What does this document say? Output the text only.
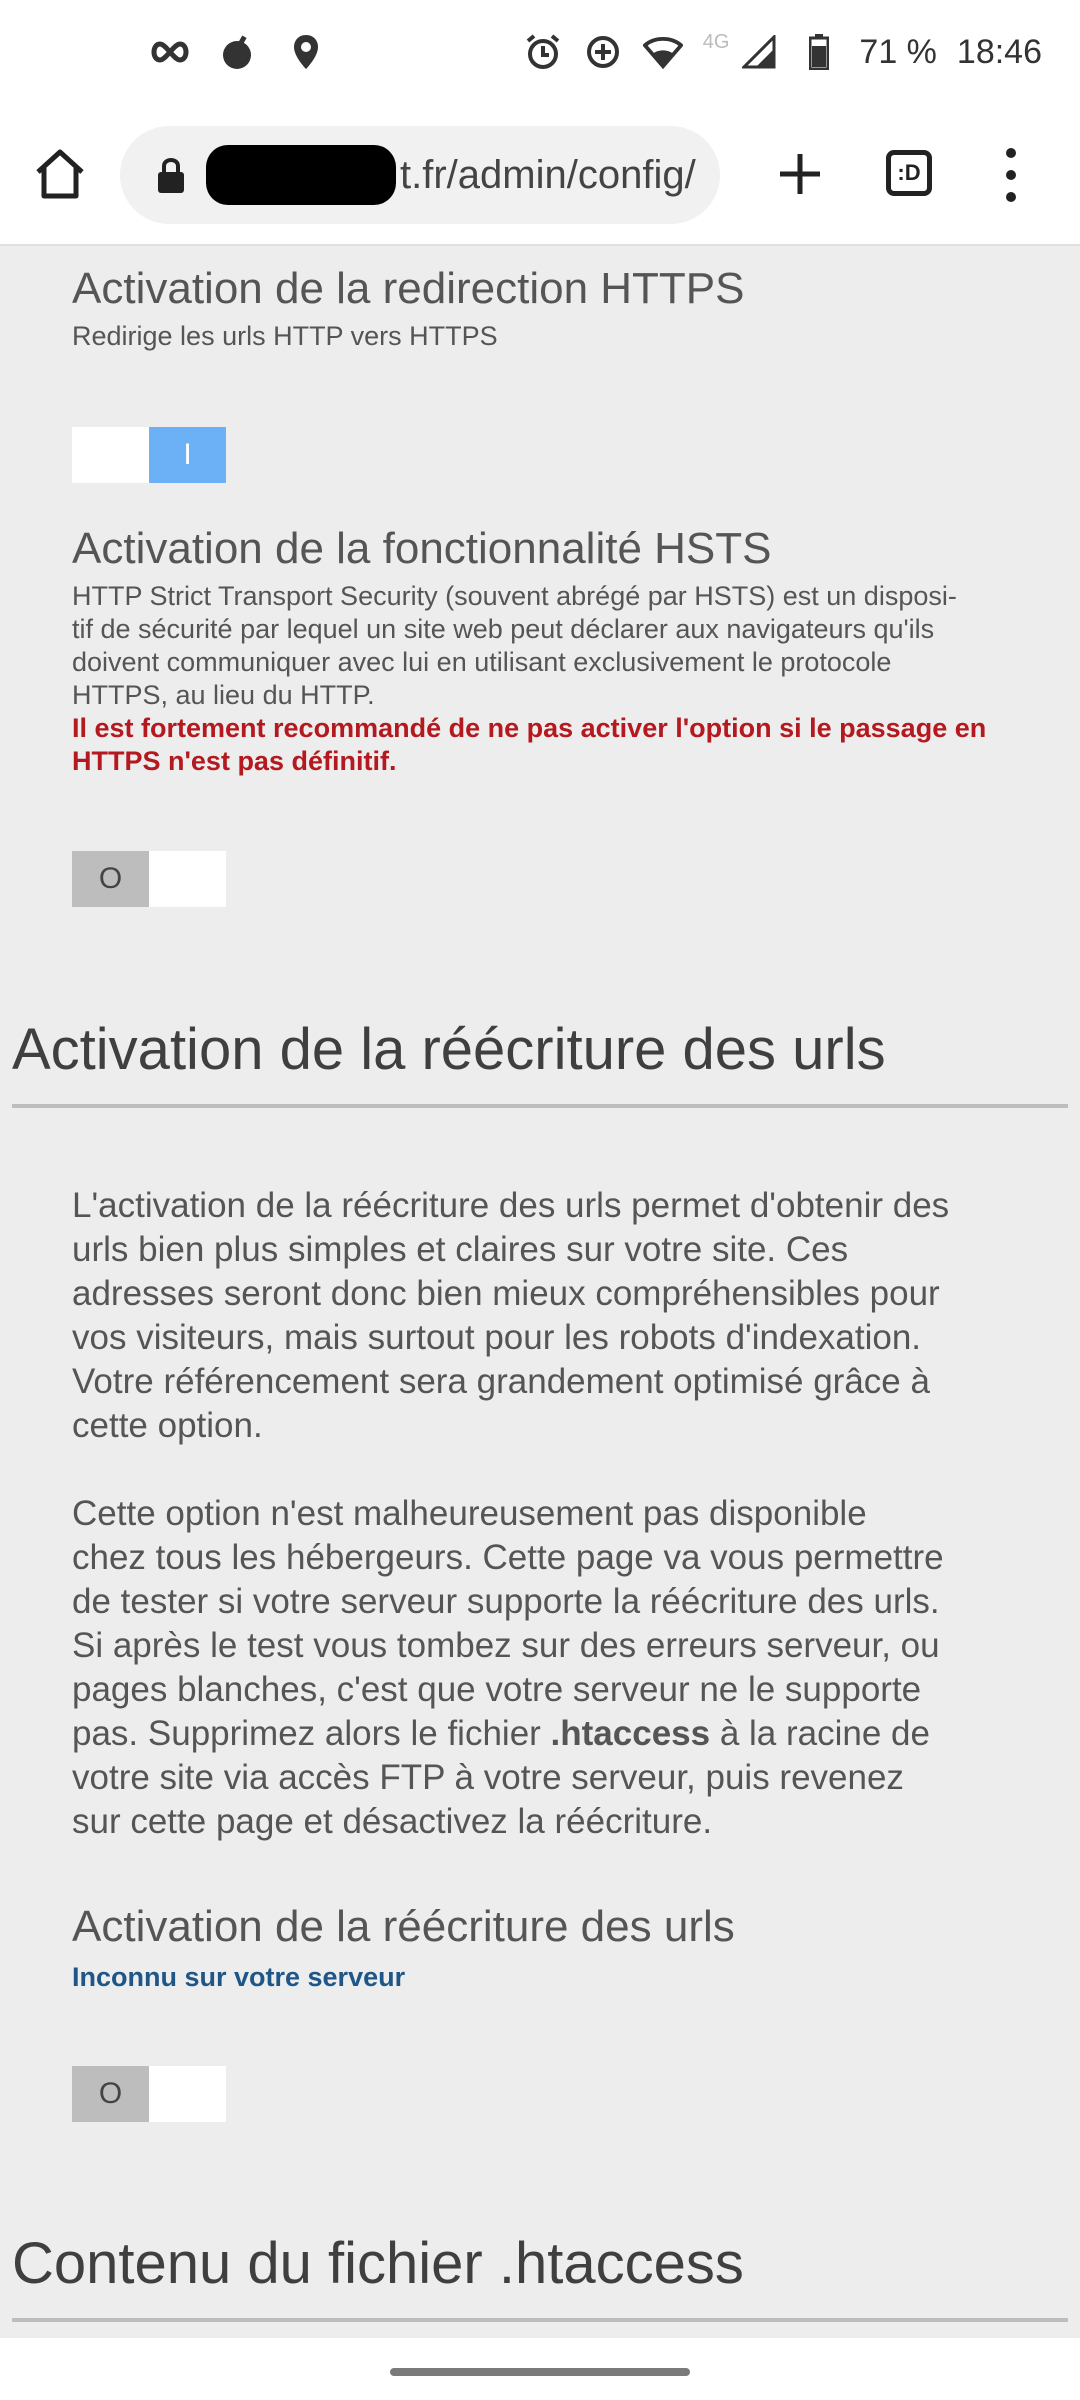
4G	71 % 18:46
t.fr/admin/config/	:D
Activation de la redirection HTTPS
Redirige les urls HTTP vers HTTPS
I
Activation de la fonctionnalité HSTS
HTTP Strict Transport Security (souvent abrégé par HSTS) est un disposi-
tif de sécurité par lequel un site web peut déclarer aux navigateurs qu'ils
doivent communiquer avec lui en utilisant exclusivement le protocole
HTTPS, au lieu du HTTP.
Il est fortement recommandé de ne pas activer l'option si le passage en
HTTPS n'est pas définitif.
O
Activation de la réécriture des urls
L'activation de la réécriture des urls permet d'obtenir des
urls bien plus simples et claires sur votre site. Ces
adresses seront donc bien mieux compréhensibles pour
vos visiteurs, mais surtout pour les robots d'indexation.
Votre référencement sera grandement optimisé grâce à
cette option.
Cette option n'est malheureusement pas disponible
chez tous les hébergeurs. Cette page va vous permettre
de tester si votre serveur supporte la réécriture des urls.
Si après le test vous tombez sur des erreurs serveur, ou
pages blanches, c'est que votre serveur ne le supporte
pas. Supprimez alors le fichier .htaccess à la racine de
votre site via accès FTP à votre serveur, puis revenez
sur cette page et désactivez la réécriture.
Activation de la réécriture des urls
Inconnu sur votre serveur
O
Contenu du fichier .htaccess
